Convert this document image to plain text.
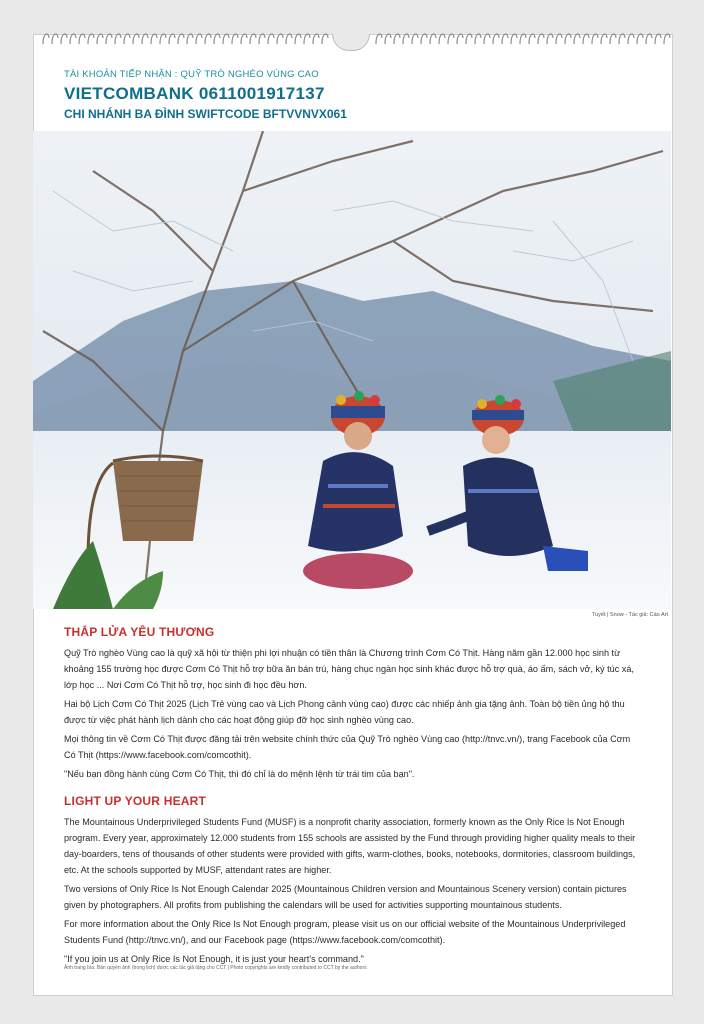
TÀI KHOẢN TIẾP NHẬN : QUỸ TRÒ NGHÈO VÙNG CAO
VIETCOMBANK 0611001917137
CHI NHÁNH BA ĐÌNH SWIFTCODE BFTVVNVX061
Tuyết | Snow - Tác giả: Cáo Art
THẮP LỬA YÊU THƯƠNG

Quỹ Trò nghèo Vùng cao là quỹ xã hội từ thiện phi lợi nhuận có tiền thân là Chương trình Cơm Có Thịt. Hàng năm gần 12.000 học sinh từ khoảng 155 trường học được Cơm Có Thịt hỗ trợ bữa ăn bán trú, hàng chục ngàn học sinh khác được hỗ trợ quà, áo ấm, sách vở, ký túc xá, lớp học ... Nơi Cơm Có Thịt hỗ trợ, học sinh đi học đều hơn.

Hai bộ Lịch Cơm Có Thịt 2025 (Lịch Trẻ vùng cao và Lịch Phong cảnh vùng cao) được các nhiếp ảnh gia tặng ảnh. Toàn bộ tiền ủng hộ thu được từ việc phát hành lịch dành cho các hoạt động giúp đỡ học sinh nghèo vùng cao.

Mọi thông tin về Cơm Có Thịt được đăng tải trên website chính thức của Quỹ Trò nghèo Vùng cao (http://tnvc.vn/), trang Facebook của Cơm Có Thịt (https://www.facebook.com/comcothit).

"Nếu bạn đồng hành cùng Cơm Có Thịt, thì đó chỉ là do mệnh lệnh từ trái tim của bạn".

LIGHT UP YOUR HEART

The Mountainous Underprivileged Students Fund (MUSF) is a nonprofit charity association, formerly known as the Only Rice Is Not Enough program. Every year, approximately 12.000 students from 155 schools are assisted by the Fund through providing higher quality meals to their day-boarders, tens of thousands of other students were provided with gifts, warm-clothes, books, notebooks, dormitories, classroom buildings, etc. At the schools supported by MUSF, attendant rates are higher.

Two versions of Only Rice Is Not Enough Calendar 2025 (Mountainous Children version and Mountainous Scenery version) contain pictures given by photographers. All profits from publishing the calendars will be used for activities supporting mountainous students.

For more information about the Only Rice Is Not Enough program, please visit us on our official website of the Mountainous Underprivileged Students Fund (http://tnvc.vn/), and our Facebook page (https://www.facebook.com/comcothit).

"If you join us at Only Rice Is Not Enough, it is just your heart's command."

Ảnh trang bìa: Bản quyền ảnh (trong lịch) được các tác giả tặng cho CCT | Photo copyrights are kindly contributed to CCT by the authors
